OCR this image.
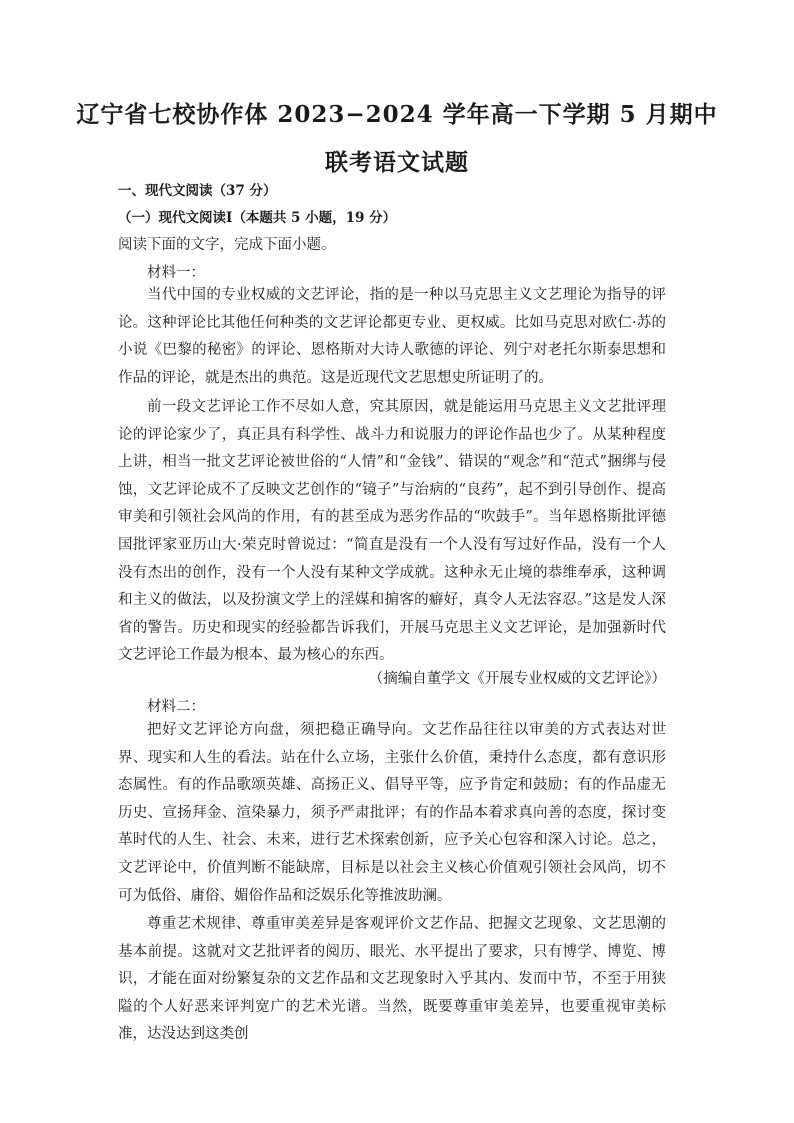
辽宁省七校协作体 2023−2024 学年高一下学期 5 月期中
联考语文试题
一、现代文阅读（37 分）
（一）现代文阅读Ⅰ（本题共 5 小题，19 分）
阅读下面的文字，完成下面小题。
材料一：
当代中国的专业权威的文艺评论，指的是一种以马克思主义文艺理论为指导的评论。这种评论比其他任何种类的文艺评论都更专业、更权威。比如马克思对欧仁·苏的小说《巴黎的秘密》的评论、恩格斯对大诗人歌德的评论、列宁对老托尔斯泰思想和作品的评论，就是杰出的典范。这是近现代文艺思想史所证明了的。
前一段文艺评论工作不尽如人意，究其原因，就是能运用马克思主义文艺批评理论的评论家少了，真正具有科学性、战斗力和说服力的评论作品也少了。从某种程度上讲，相当一批文艺评论被世俗的“人情”和“金钱”、错误的“观念”和“范式”捆绑与侵蚀，文艺评论成不了反映文艺创作的“镜子”与治病的“良药”，起不到引导创作、提高审美和引领社会风尚的作用，有的甚至成为恶劣作品的“吹鼓手”。当年恩格斯批评德国批评家亚历山大·荣克时曾说过：“简直是没有一个人没有写过好作品，没有一个人没有杰出的创作，没有一个人没有某种文学成就。这种永无止境的恭维奉承，这种调和主义的做法，以及扮演文学上的淫媒和掮客的癖好，真令人无法容忍。”这是发人深省的警告。历史和现实的经验都告诉我们，开展马克思主义文艺评论，是加强新时代文艺评论工作最为根本、最为核心的东西。
（摘编自董学文《开展专业权威的文艺评论》）
材料二：
把好文艺评论方向盘，须把稳正确导向。文艺作品往往以审美的方式表达对世界、现实和人生的看法。站在什么立场，主张什么价值，秉持什么态度，都有意识形态属性。有的作品歌颂英雄、高扬正义、倡导平等，应予肯定和鼓励；有的作品虚无历史、宣扬拜金、渲染暴力，须予严肃批评；有的作品本着求真向善的态度，探讨变革时代的人生、社会、未来，进行艺术探索创新，应予关心包容和深入讨论。总之，文艺评论中，价值判断不能缺席，目标是以社会主义核心价值观引领社会风尚，切不可为低俗、庸俗、媚俗作品和泛娱乐化等推波助澜。
尊重艺术规律、尊重审美差异是客观评价文艺作品、把握文艺现象、文艺思潮的基本前提。这就对文艺批评者的阅历、眼光、水平提出了要求，只有博学、博览、博识，才能在面对纷繁复杂的文艺作品和文艺现象时入乎其内、发而中节，不至于用狭隘的个人好恶来评判宽广的艺术光谱。当然，既要尊重审美差异，也要重视审美标准，达没达到这类创
